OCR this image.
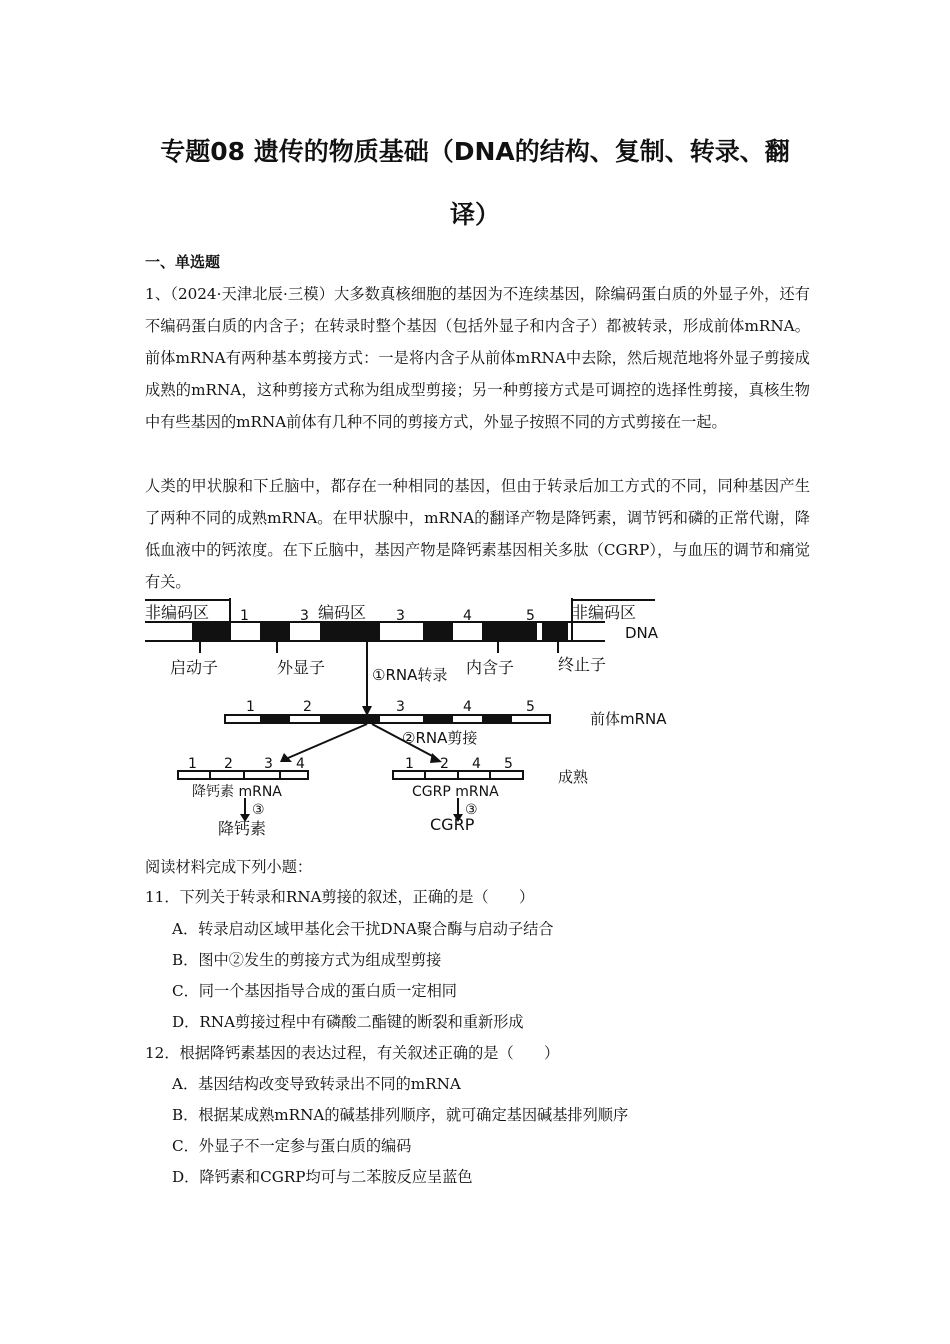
专题08 遗传的物质基础（DNA的结构、复制、转录、翻
译）
一、单选题
1、（2024·天津北辰·三模）大多数真核细胞的基因为不连续基因，除编码蛋白质的外显子外，还有不编码蛋白质的内含子；在转录时整个基因（包括外显子和内含子）都被转录，形成前体mRNA。前体mRNA有两种基本剪接方式：一是将内含子从前体mRNA中去除，然后规范地将外显子剪接成成熟的mRNA，这种剪接方式称为组成型剪接；另一种剪接方式是可调控的选择性剪接，真核生物中有些基因的mRNA前体有几种不同的剪接方式，外显子按照不同的方式剪接在一起。
人类的甲状腺和下丘脑中，都存在一种相同的基因，但由于转录后加工方式的不同，同种基因产生了两种不同的成熟mRNA。在甲状腺中，mRNA的翻译产物是降钙素，调节钙和磷的正常代谢，降低血液中的钙浓度。在下丘脑中，基因产物是降钙素基因相关多肽（CGRP），与血压的调节和痛觉有关。
非编码区	编码区	非编码区
1	3	3	4	5
DNA
启动子	外显子	内含子	终止子
①RNA转录
1	2	3	4	5
前体mRNA
②RNA剪接
1 2 3 4
降钙素 mRNA
③
降钙素
1 2 4 5
CGRP mRNA
③
CGRP
成熟
阅读材料完成下列小题：
11．下列关于转录和RNA剪接的叙述，正确的是（　　）
A．转录启动区域甲基化会干扰DNA聚合酶与启动子结合
B．图中②发生的剪接方式为组成型剪接
C．同一个基因指导合成的蛋白质一定相同
D．RNA剪接过程中有磷酸二酯键的断裂和重新形成
12．根据降钙素基因的表达过程，有关叙述正确的是（　　）
A．基因结构改变导致转录出不同的mRNA
B．根据某成熟mRNA的碱基排列顺序，就可确定基因碱基排列顺序
C．外显子不一定参与蛋白质的编码
D．降钙素和CGRP均可与二苯胺反应呈蓝色
